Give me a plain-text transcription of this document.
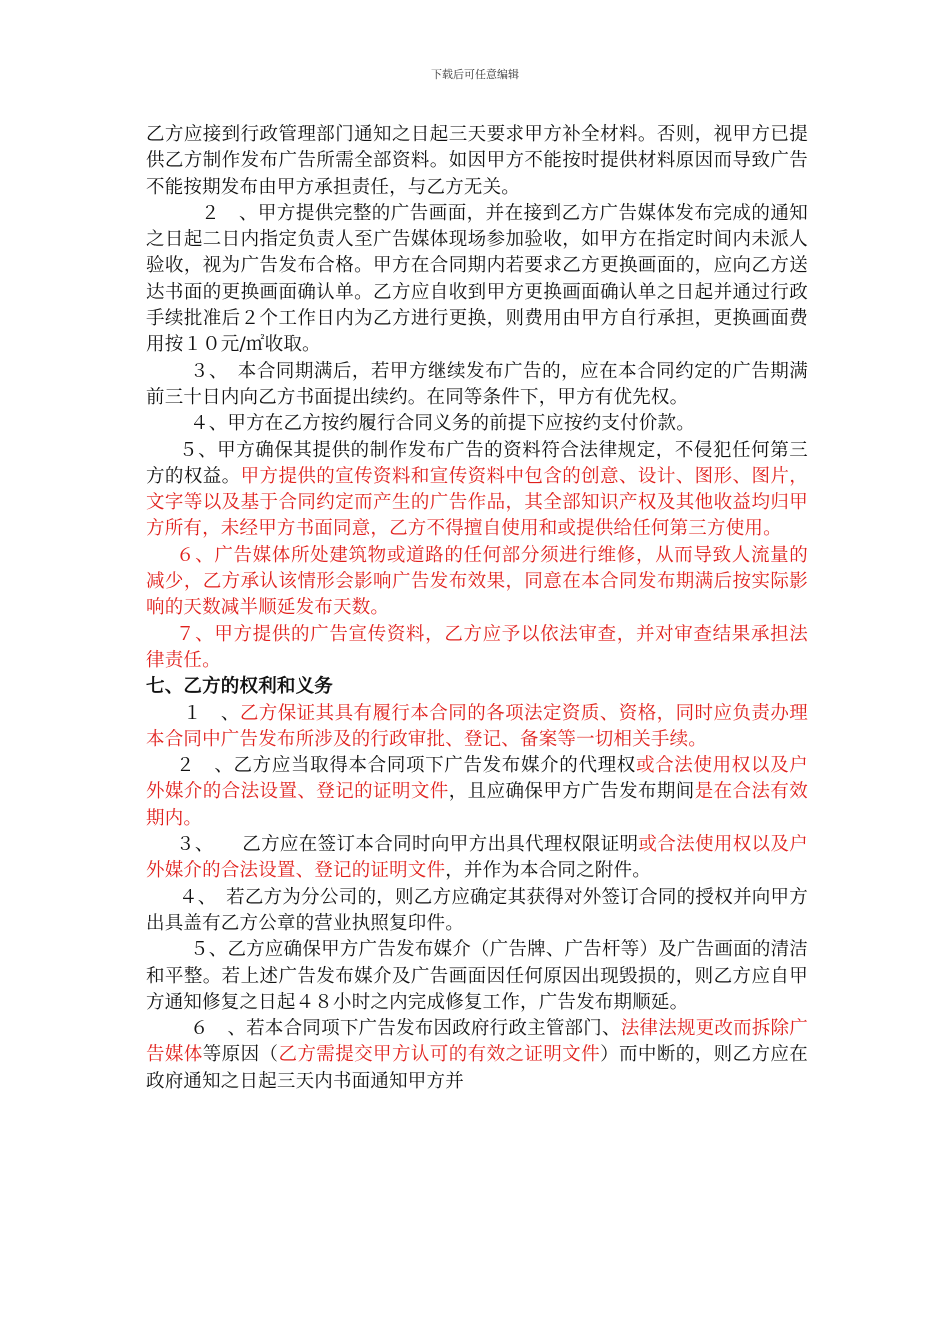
下载后可任意编辑

乙方应接到行政管理部门通知之日起三天要求甲方补全材料。否则，视甲方已提供乙方制作发布广告所需全部资料。如因甲方不能按时提供材料原因而导致广告不能按期发布由甲方承担责任，与乙方无关。

２　、甲方提供完整的广告画面，并在接到乙方广告媒体发布完成的通知之日起二日内指定负责人至广告媒体现场参加验收，如甲方在指定时间内未派人验收，视为广告发布合格。甲方在合同期内若要求乙方更换画面的，应向乙方送达书面的更换画面确认单。乙方应自收到甲方更换画面确认单之日起并通过行政手续批准后２个工作日内为乙方进行更换，则费用由甲方自行承担，更换画面费用按１０元/㎡收取。

３、　本合同期满后，若甲方继续发布广告的，应在本合同约定的广告期满前三十日内向乙方书面提出续约。在同等条件下，甲方有优先权。

４、甲方在乙方按约履行合同义务的前提下应按约支付价款。

５、甲方确保其提供的制作发布广告的资料符合法律规定，不侵犯任何第三方的权益。甲方提供的宣传资料和宣传资料中包含的创意、设计、图形、图片，文字等以及基于合同约定而产生的广告作品，其全部知识产权及其他收益均归甲方所有，未经甲方书面同意，乙方不得擅自使用和或提供给任何第三方使用。

６、广告媒体所处建筑物或道路的任何部分须进行维修，从而导致人流量的减少，乙方承认该情形会影响广告发布效果，同意在本合同发布期满后按实际影响的天数减半顺延发布天数。

７、甲方提供的广告宣传资料，乙方应予以依法审查，并对审查结果承担法律责任。

七、乙方的权利和义务

１　、乙方保证其具有履行本合同的各项法定资质、资格，同时应负责办理本合同中广告发布所涉及的行政审批、登记、备案等一切相关手续。

２　、乙方应当取得本合同项下广告发布媒介的代理权或合法使用权以及户外媒介的合法设置、登记的证明文件，且应确保甲方广告发布期间是在合法有效期内。

３、　　乙方应在签订本合同时向甲方出具代理权限证明或合法使用权以及户外媒介的合法设置、登记的证明文件，并作为本合同之附件。

４、　若乙方为分公司的，则乙方应确定其获得对外签订合同的授权并向甲方出具盖有乙方公章的营业执照复印件。

５、乙方应确保甲方广告发布媒介（广告牌、广告杆等）及广告画面的清洁和平整。若上述广告发布媒介及广告画面因任何原因出现毁损的，则乙方应自甲方通知修复之日起４８小时之内完成修复工作，广告发布期顺延。

６　、若本合同项下广告发布因政府行政主管部门、法律法规更改而拆除广告媒体等原因（乙方需提交甲方认可的有效之证明文件）而中断的，则乙方应在政府通知之日起三天内书面通知甲方并
